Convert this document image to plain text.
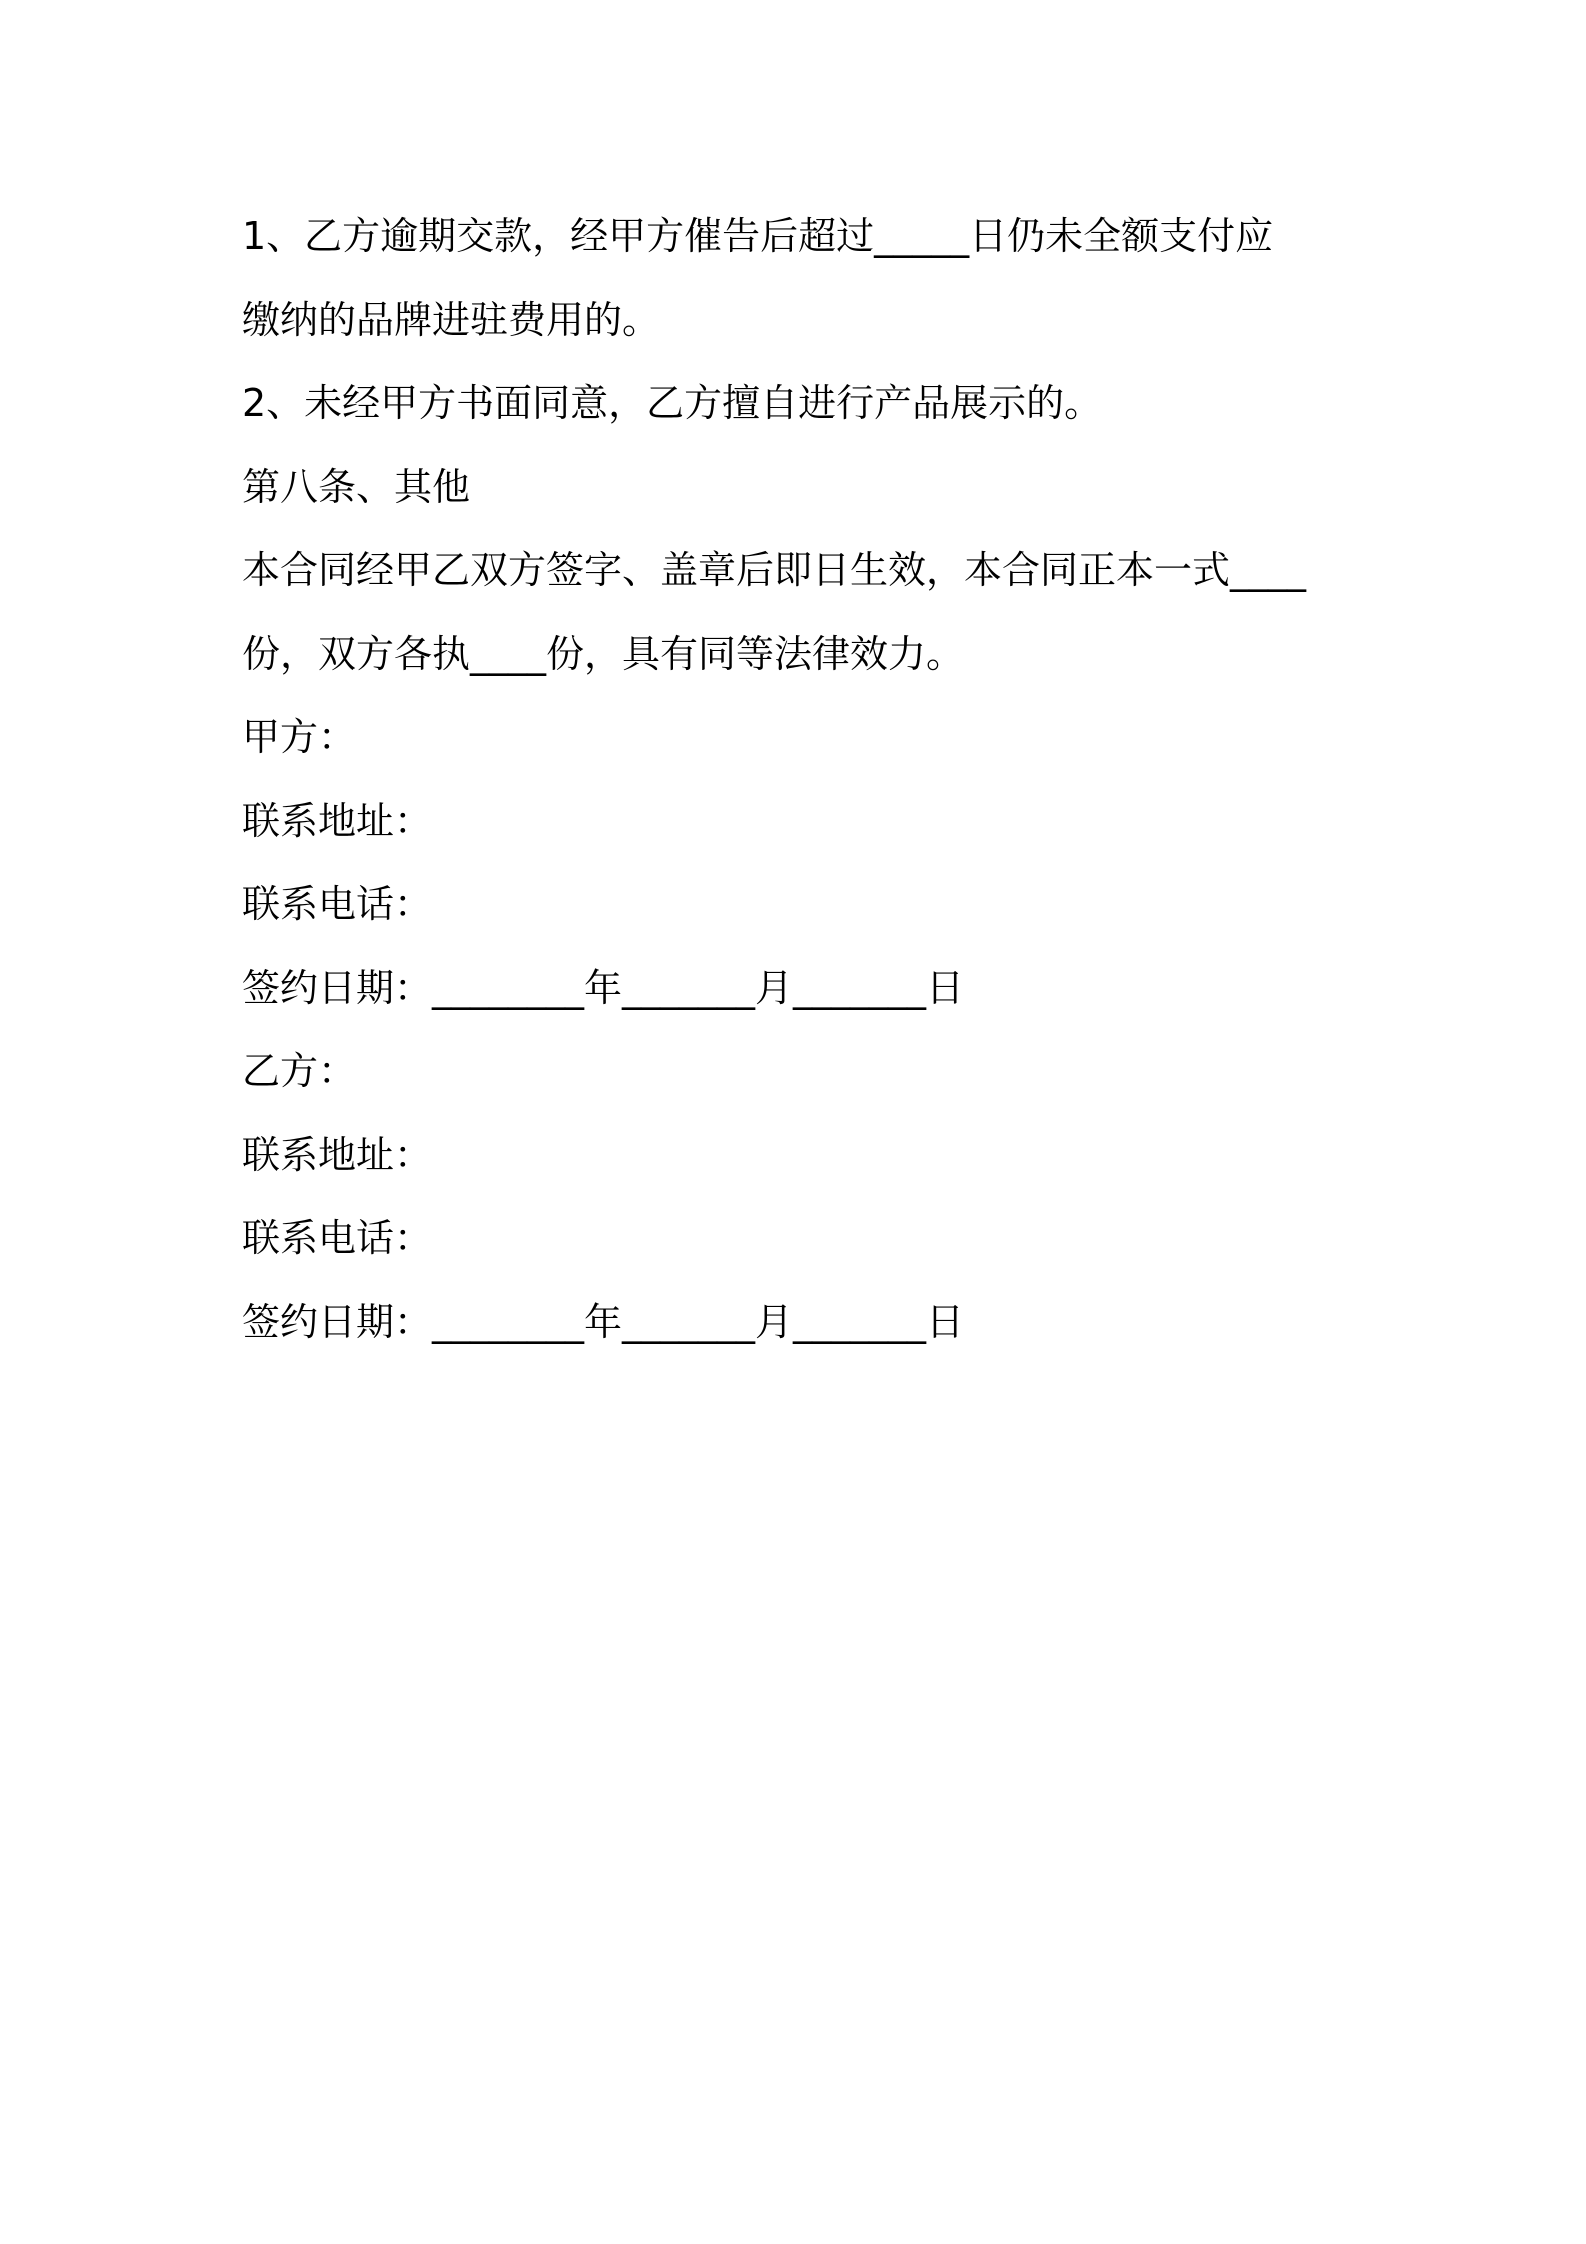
1、乙方逾期交款，经甲方催告后超过_____日仍未全额支付应

缴纳的品牌进驻费用的。

2、未经甲方书面同意，乙方擅自进行产品展示的。

第八条、其他

本合同经甲乙双方签字、盖章后即日生效，本合同正本一式____

份，双方各执____份，具有同等法律效力。

甲方：

联系地址：

联系电话：

签约日期：________年_______月_______日

乙方：

联系地址：

联系电话：

签约日期：________年_______月_______日
